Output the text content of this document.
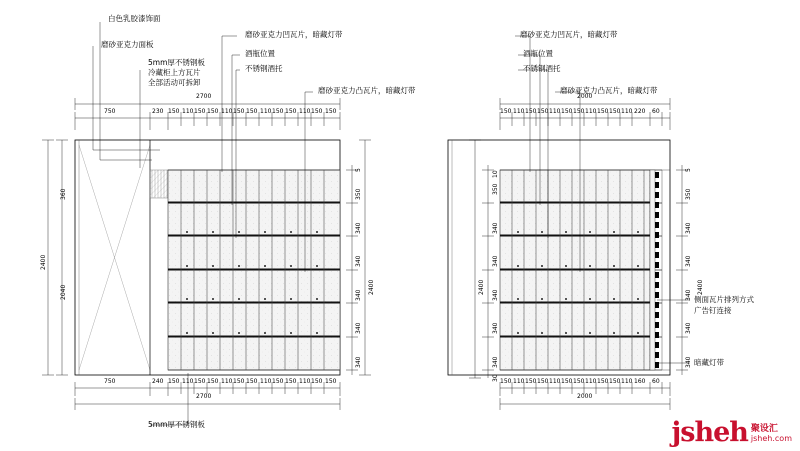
白色乳胶漆饰面
磨砂亚克力面板
5mm厚不锈钢板
冷藏柜上方瓦片
全部活动可拆卸
磨砂亚克力凹瓦片，暗藏灯带
酒瓶位置
不锈钢酒托
磨砂亚克力凸瓦片，暗藏灯带
5mm厚不锈钢板
2700
2700
750	230 150 110 150 150 110 150 150 110 150 150 110 150 150
750	240 150 110 150 150 110 150 150 110 150 150 110 150 150
2400
360
2040
5
350
340
340
340
340
340
2400
磨砂亚克力凹瓦片，暗藏灯带
酒瓶位置
不锈钢酒托
磨砂亚克力凸瓦片，暗藏灯带
侧面瓦片排列方式
广告钉连接
暗藏灯带
2000
2000
150 110 150 150 110 150 150 110 150 150 110 220 60
150 110 150 150 110 150 150 110 150 150 110 160 60
350
10
340
340
340
340
340
30
2400
5
350
340
340
340
340
340
2400
jsheh 聚设汇
jsheh.com
